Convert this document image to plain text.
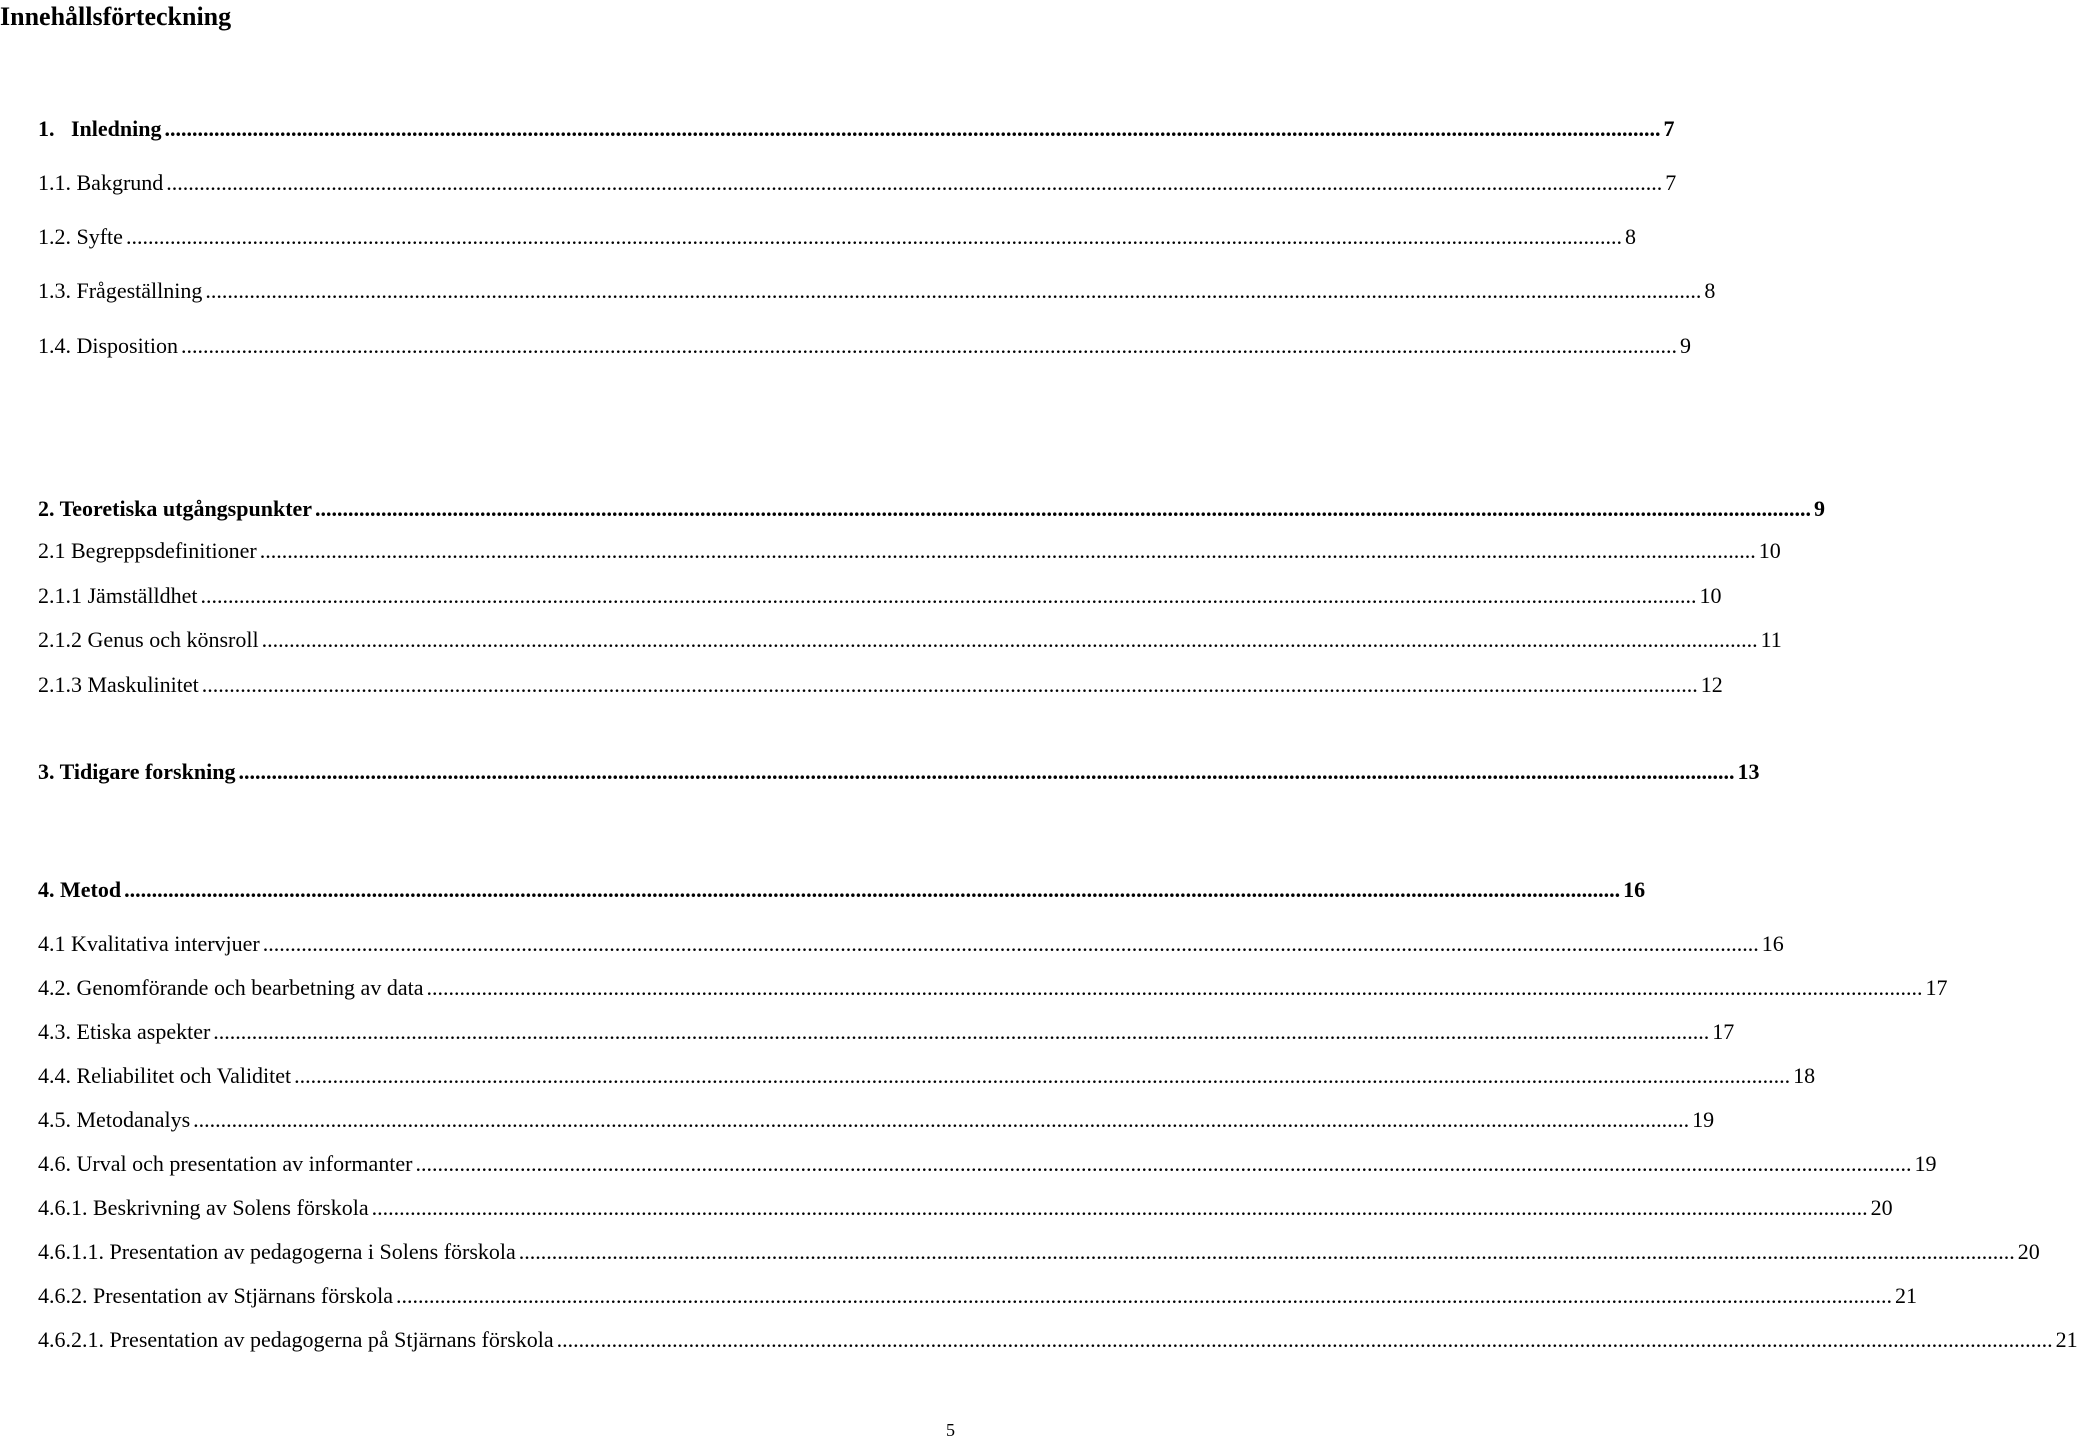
Innehållsförteckning
1.   Inledning .....	7
1.1. Bakgrund .....	7
1.2. Syfte .....	8
1.3. Frågeställning .....	8
1.4. Disposition .....	9
2. Teoretiska utgångspunkter .....	9
2.1 Begreppsdefinitioner .....	10
2.1.1 Jämställdhet .....	10
2.1.2 Genus och könsroll .....	11
2.1.3 Maskulinitet .....	12
3. Tidigare forskning .....	13
4. Metod .....	16
4.1 Kvalitativa intervjuer .....	16
4.2. Genomförande och bearbetning av data .....	17
4.3. Etiska aspekter .....	17
4.4. Reliabilitet och Validitet .....	18
4.5. Metodanalys .....	19
4.6. Urval och presentation av informanter .....	19
4.6.1. Beskrivning av Solens förskola .....	20
4.6.1.1. Presentation av pedagogerna i Solens förskola .....	20
4.6.2. Presentation av Stjärnans förskola .....	21
4.6.2.1. Presentation av pedagogerna på Stjärnans förskola .....	21
5
